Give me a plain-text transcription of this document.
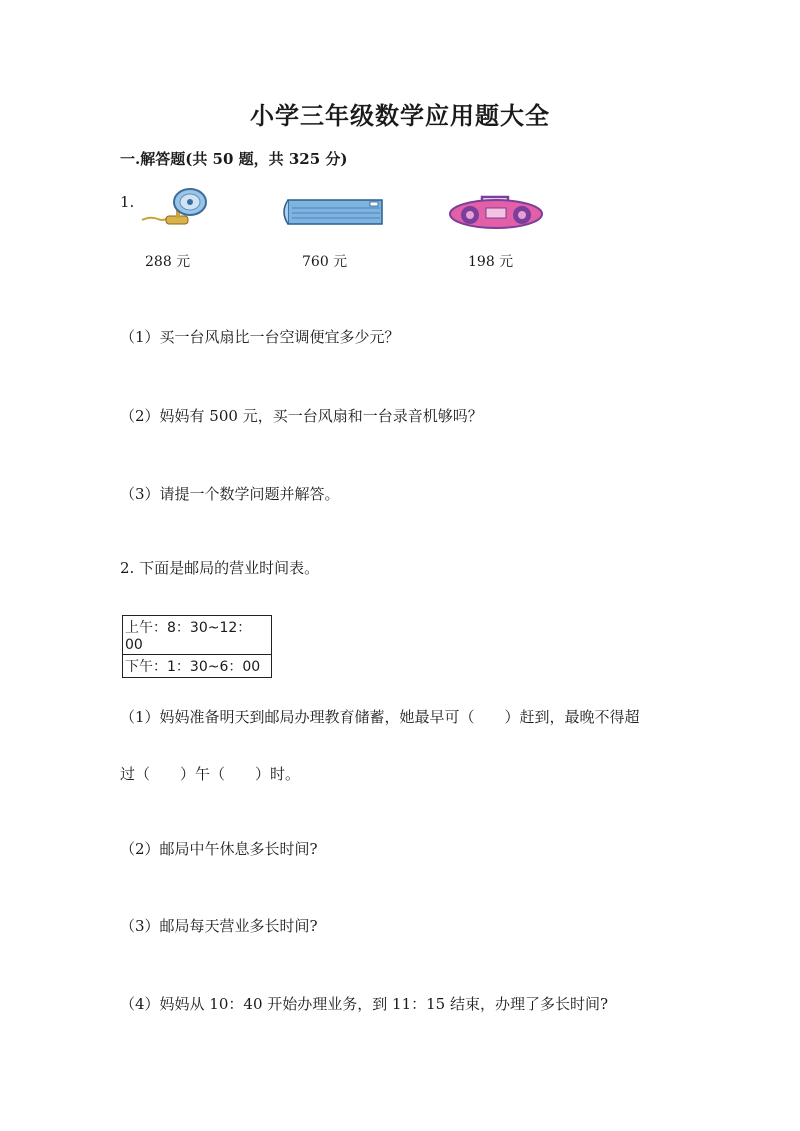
小学三年级数学应用题大全
一.解答题(共 50 题，共 325 分)
1.
288 元	760 元	198 元
（1）买一台风扇比一台空调便宜多少元？
（2）妈妈有 500 元，买一台风扇和一台录音机够吗？
（3）请提一个数学问题并解答。
2. 下面是邮局的营业时间表。
上午：8：30~12：00
下午：1：30~6：00
（1）妈妈准备明天到邮局办理教育储蓄，她最早可（　　）赶到，最晚不得超
过（　　）午（　　）时。
（2）邮局中午休息多长时间?
（3）邮局每天营业多长时间?
（4）妈妈从 10：40 开始办理业务，到 11：15 结束，办理了多长时间?
